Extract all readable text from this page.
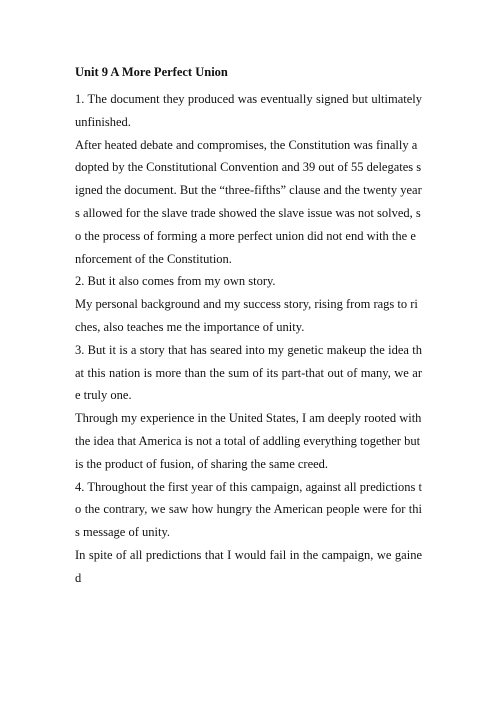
Unit 9 A More Perfect Union

1. The document they produced was eventually signed but ultimately unfinished.

After heated debate and compromises, the Constitution was finally adopted by the Constitutional Convention and 39 out of 55 delegates signed the document. But the “three-fifths” clause and the twenty years allowed for the slave trade showed the slave issue was not solved, so the process of forming a more perfect union did not end with the enforcement of the Constitution.

2. But it also comes from my own story.

My personal background and my success story, rising from rags to riches, also teaches me the importance of unity.

3. But it is a story that has seared into my genetic makeup the idea that this nation is more than the sum of its part-that out of many, we are truly one.

Through my experience in the United States, I am deeply rooted with the idea that America is not a total of addling everything together but is the product of fusion, of sharing the same creed.

4. Throughout the first year of this campaign, against all predictions to the contrary, we saw how hungry the American people were for this message of unity.

In spite of all predictions that I would fail in the campaign, we gained
